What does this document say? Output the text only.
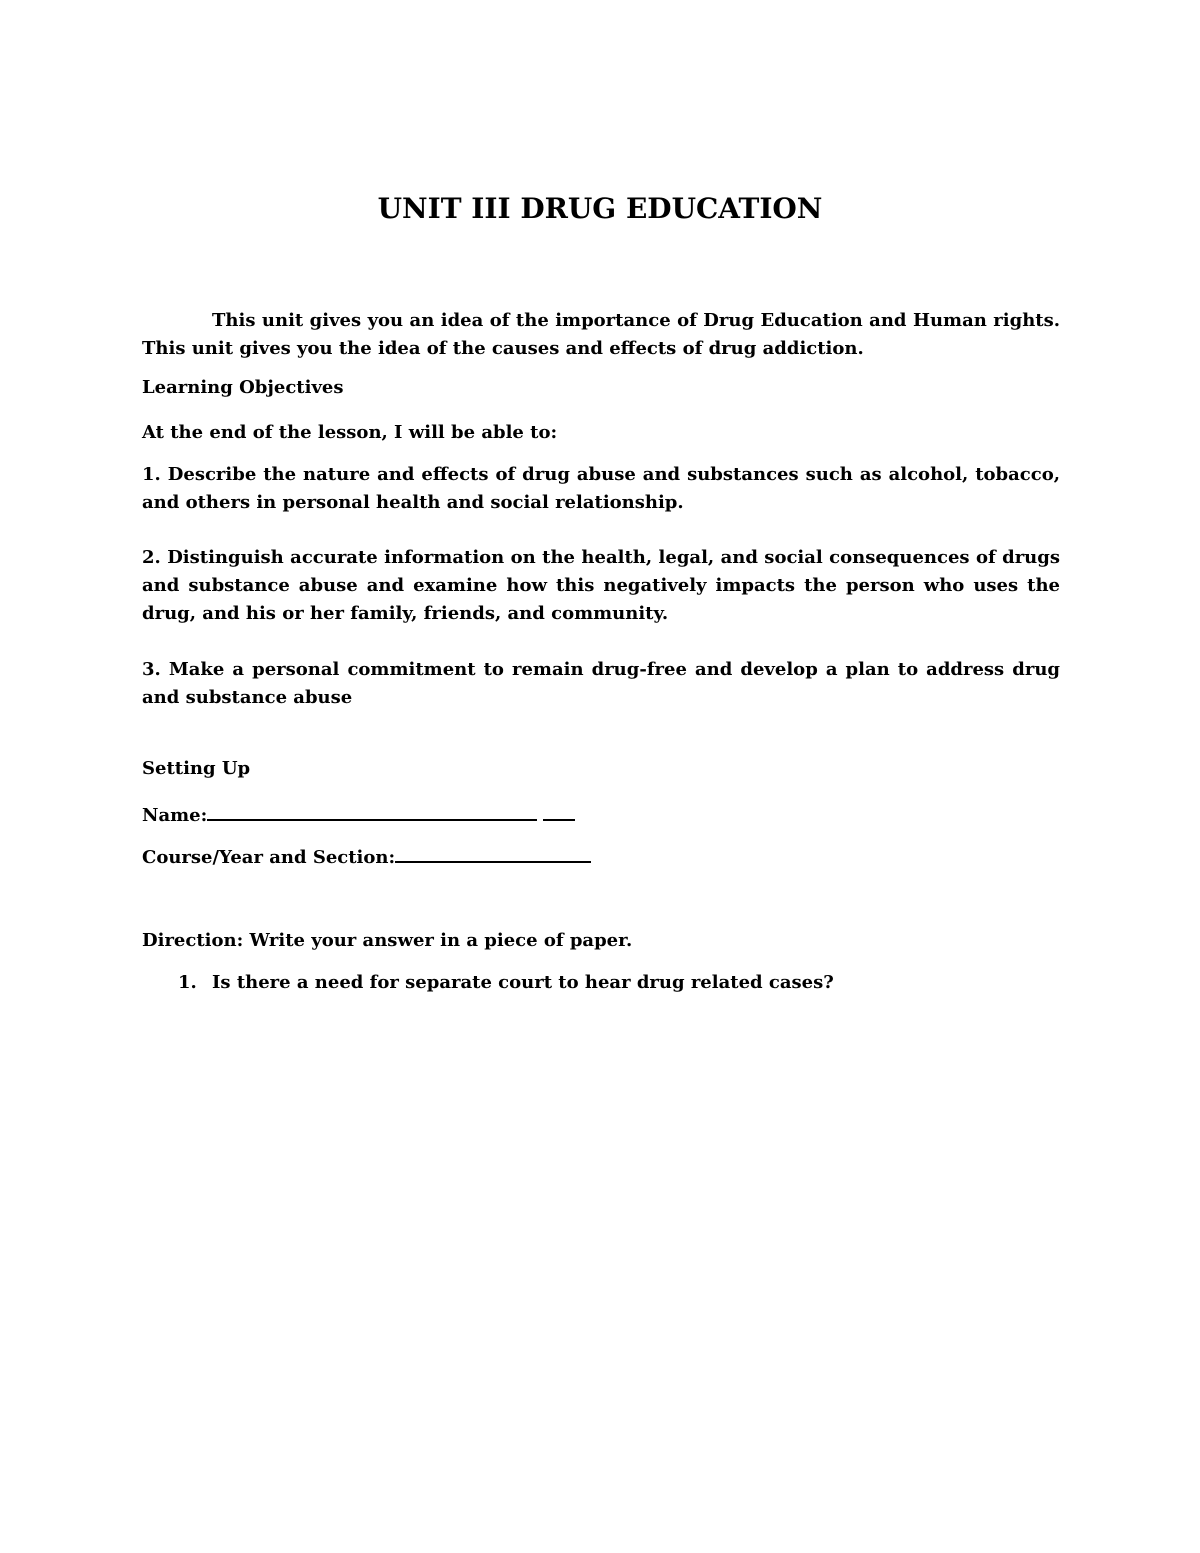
UNIT III DRUG EDUCATION
This unit gives you an idea of the importance of Drug Education and Human rights. This unit gives you the idea of the causes and effects of drug addiction.
Learning Objectives
At the end of the lesson, I will be able to:
1. Describe the nature and effects of drug abuse and substances such as alcohol, tobacco, and others in personal health and social relationship.
2. Distinguish accurate information on the health, legal, and social consequences of drugs and substance abuse and examine how this negatively impacts the person who uses the drug, and his or her family, friends, and community.
3. Make a personal commitment to remain drug-free and develop a plan to address drug and substance abuse
Setting Up
Name:
Course/Year and Section:
Direction: Write your answer in a piece of paper.
1. Is there a need for separate court to hear drug related cases?
